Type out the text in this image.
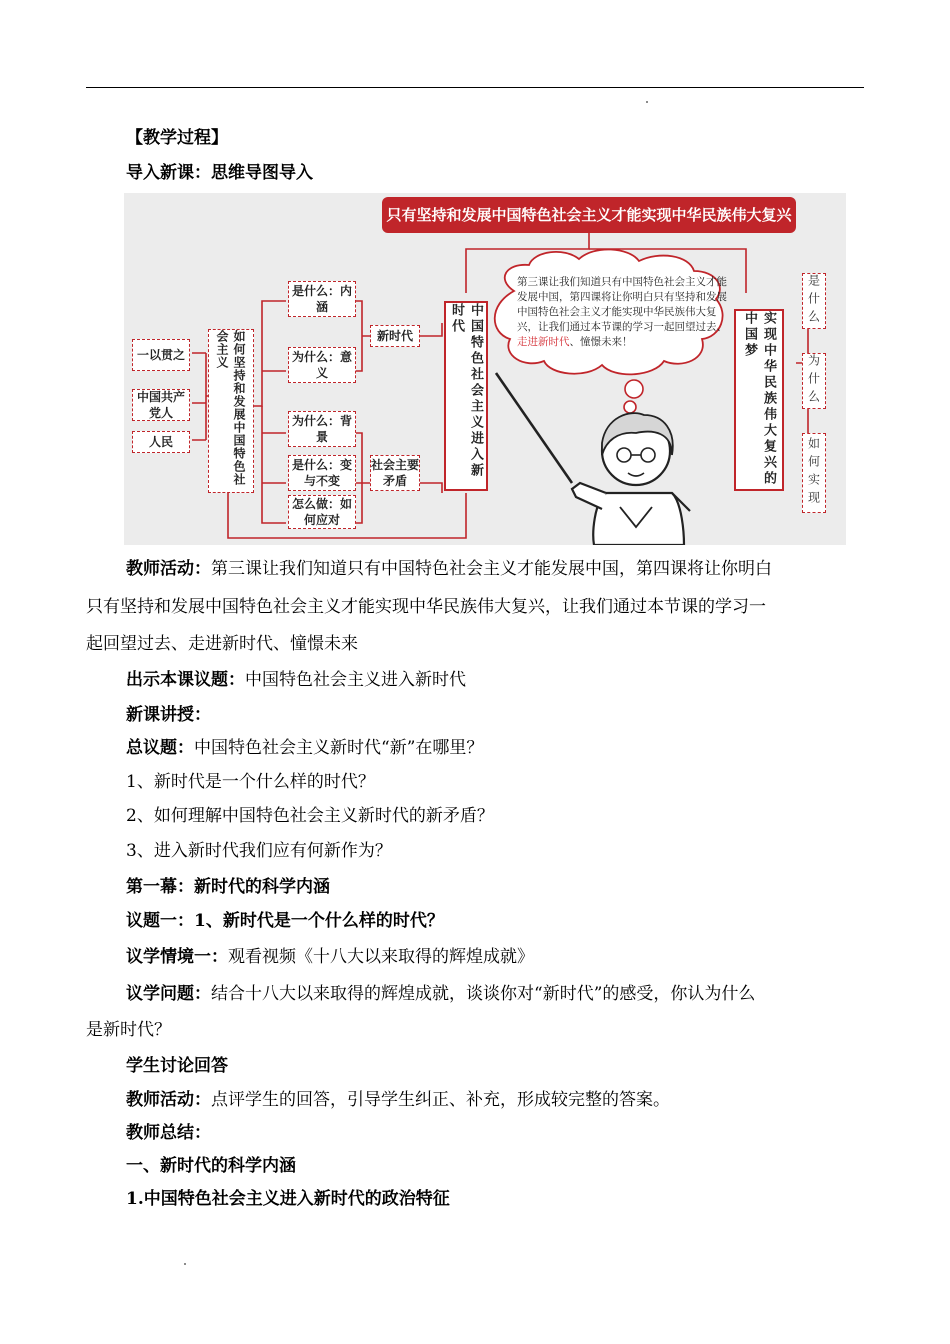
【教学过程】
导入新课：思维导图导入
只有坚持和发展中国特色社会主义才能实现中华民族伟大复兴
一以贯之
中国共产党人
人民	如何坚持和发展中国特色社会主义
是什么：内涵
为什么：意义
新时代
为什么：背景
是什么：变与不变
怎么做：如何应对
社会主要矛盾
中国特色社会主义进入新时代	实现中华民族伟大复兴的中国梦
第三课让我们知道只有中国特色社会主义才能发展中国，第四课将让你明白只有坚持和发展中国特色社会主义才能实现中华民族伟大复兴，让我们通过本节课的学习一起回望过去、走进新时代、憧憬未来！
是什么
为什么
如何实现
教师活动：第三课让我们知道只有中国特色社会主义才能发展中国，第四课将让你明白
只有坚持和发展中国特色社会主义才能实现中华民族伟大复兴，让我们通过本节课的学习一
起回望过去、走进新时代、憧憬未来
出示本课议题：中国特色社会主义进入新时代
新课讲授：
总议题：中国特色社会主义新时代“新”在哪里？
1、新时代是一个什么样的时代？
2、如何理解中国特色社会主义新时代的新矛盾？
3、进入新时代我们应有何新作为？
第一幕：新时代的科学内涵
议题一：1、新时代是一个什么样的时代？
议学情境一：观看视频《十八大以来取得的辉煌成就》
议学问题：结合十八大以来取得的辉煌成就，谈谈你对“新时代”的感受，你认为什么
是新时代？
学生讨论回答
教师活动：点评学生的回答，引导学生纠正、补充，形成较完整的答案。
教师总结：
一、新时代的科学内涵
1.中国特色社会主义进入新时代的政治特征
